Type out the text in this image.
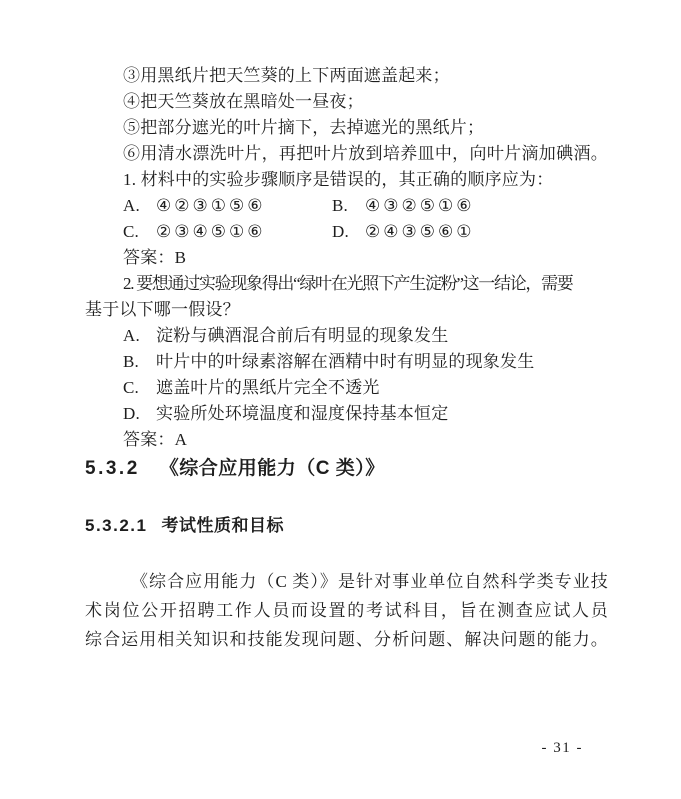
③用黑纸片把天竺葵的上下两面遮盖起来；
④把天竺葵放在黑暗处一昼夜；
⑤把部分遮光的叶片摘下，去掉遮光的黑纸片；
⑥用清水漂洗叶片，再把叶片放到培养皿中，向叶片滴加碘酒。
1. 材料中的实验步骤顺序是错误的，其正确的顺序应为：
A. ④②③①⑤⑥	B. ④③②⑤①⑥
C. ②③④⑤①⑥	D. ②④③⑤⑥①
答案：B
2. 要想通过实验现象得出“绿叶在光照下产生淀粉”这一结论，需要
基于以下哪一假设？
A. 淀粉与碘酒混合前后有明显的现象发生
B. 叶片中的叶绿素溶解在酒精中时有明显的现象发生
C. 遮盖叶片的黑纸片完全不透光
D. 实验所处环境温度和湿度保持基本恒定
答案：A
5.3.2 《综合应用能力（C 类）》
5.3.2.1 考试性质和目标
《综合应用能力（C 类）》是针对事业单位自然科学类专业技
术岗位公开招聘工作人员而设置的考试科目，旨在测查应试人员
综合运用相关知识和技能发现问题、分析问题、解决问题的能力。
- 31 -
